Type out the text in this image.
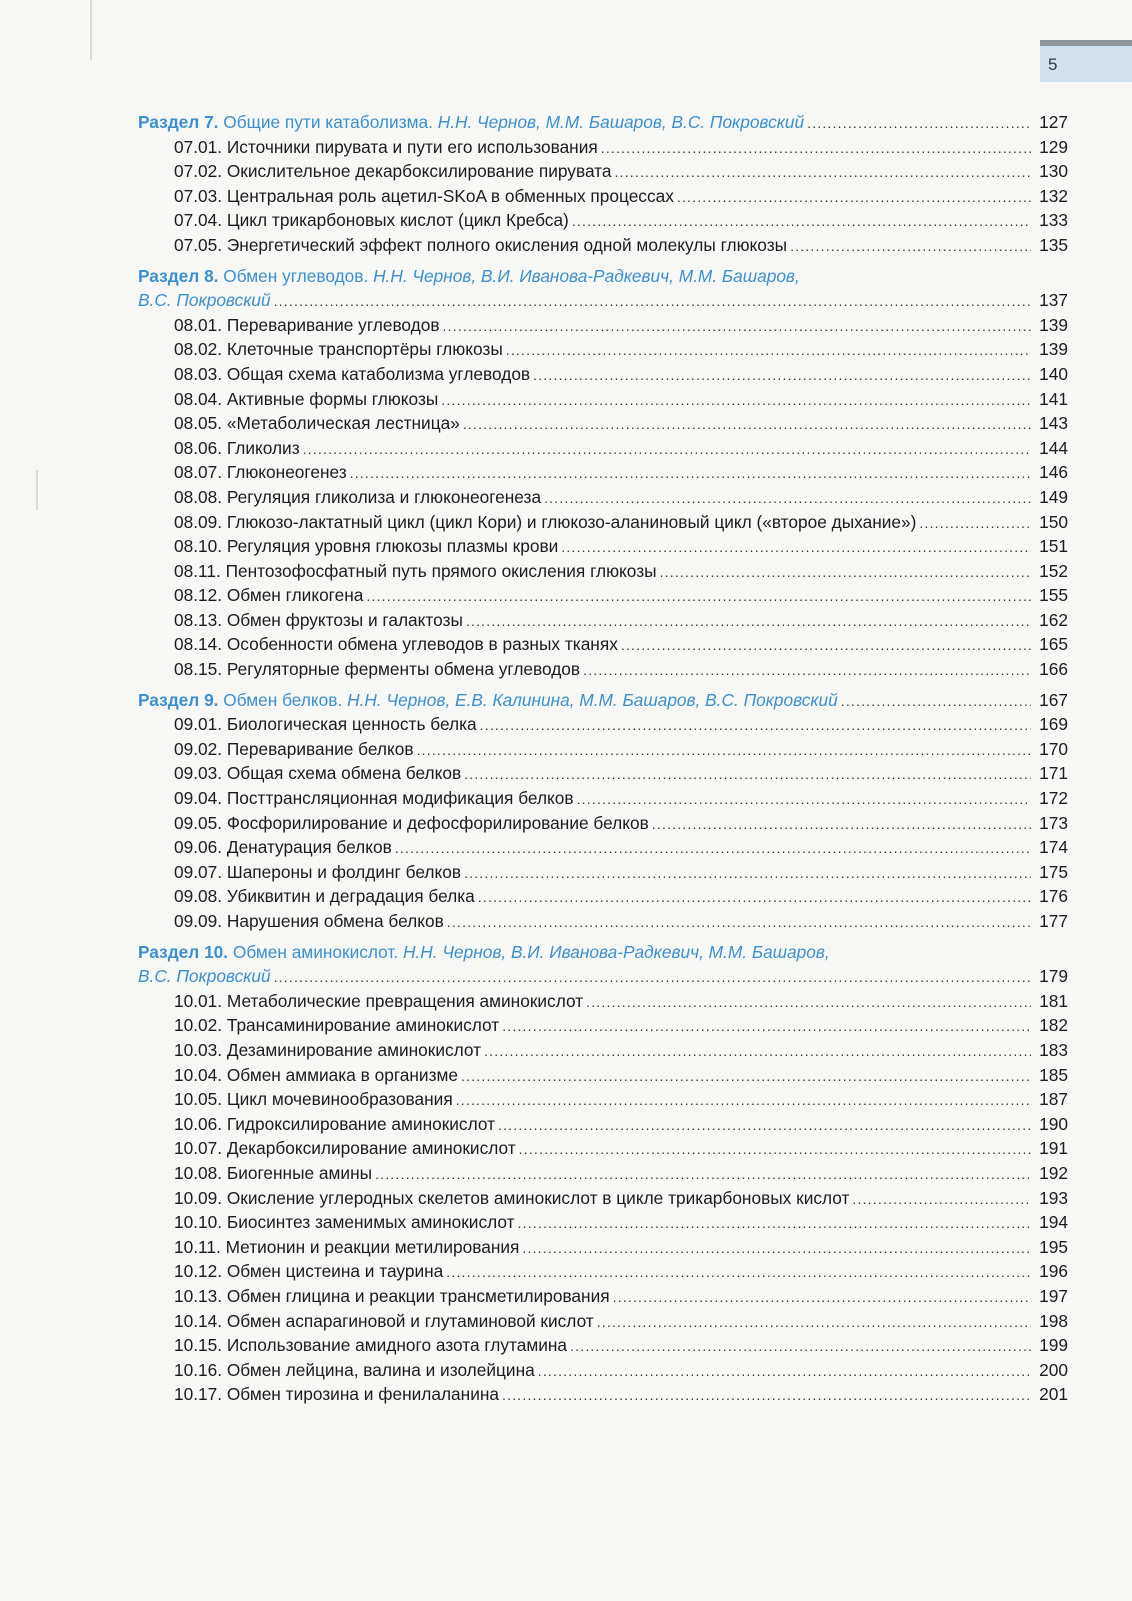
5
Раздел 7. Общие пути катаболизма. Н.Н. Чернов, М.М. Башаров, В.С. Покровский .....	127
07.01. Источники пирувата и пути его использования .....	129
07.02. Окислительное декарбоксилирование пирувата .....	130
07.03. Центральная роль ацетил-SKoA в обменных процессах .....	132
07.04. Цикл трикарбоновых кислот (цикл Кребса) .....	133
07.05. Энергетический эффект полного окисления одной молекулы глюкозы .....	135
Раздел 8. Обмен углеводов. Н.Н. Чернов, В.И. Иванова-Радкевич, М.М. Башаров,
В.С. Покровский .....	137
08.01. Переваривание углеводов .....	139
08.02. Клеточные транспортёры глюкозы .....	139
08.03. Общая схема катаболизма углеводов .....	140
08.04. Активные формы глюкозы .....	141
08.05. «Метаболическая лестница» .....	143
08.06. Гликолиз .....	144
08.07. Глюконеогенез .....	146
08.08. Регуляция гликолиза и глюконеогенеза .....	149
08.09. Глюкозо-лактатный цикл (цикл Кори) и глюкозо-аланиновый цикл («второе дыхание») .....	150
08.10. Регуляция уровня глюкозы плазмы крови .....	151
08.11. Пентозофосфатный путь прямого окисления глюкозы .....	152
08.12. Обмен гликогена .....	155
08.13. Обмен фруктозы и галактозы .....	162
08.14. Особенности обмена углеводов в разных тканях .....	165
08.15. Регуляторные ферменты обмена углеводов .....	166
Раздел 9. Обмен белков. Н.Н. Чернов, Е.В. Калинина, М.М. Башаров, В.С. Покровский .....	167
09.01. Биологическая ценность белка .....	169
09.02. Переваривание белков .....	170
09.03. Общая схема обмена белков .....	171
09.04. Посттрансляционная модификация белков .....	172
09.05. Фосфорилирование и дефосфорилирование белков .....	173
09.06. Денатурация белков .....	174
09.07. Шапероны и фолдинг белков .....	175
09.08. Убиквитин и деградация белка .....	176
09.09. Нарушения обмена белков .....	177
Раздел 10. Обмен аминокислот. Н.Н. Чернов, В.И. Иванова-Радкевич, М.М. Башаров,
В.С. Покровский .....	179
10.01. Метаболические превращения аминокислот .....	181
10.02. Трансаминирование аминокислот .....	182
10.03. Дезаминирование аминокислот .....	183
10.04. Обмен аммиака в организме .....	185
10.05. Цикл мочевинообразования .....	187
10.06. Гидроксилирование аминокислот .....	190
10.07. Декарбоксилирование аминокислот .....	191
10.08. Биогенные амины .....	192
10.09. Окисление углеродных скелетов аминокислот в цикле трикарбоновых кислот .....	193
10.10. Биосинтез заменимых аминокислот .....	194
10.11. Метионин и реакции метилирования .....	195
10.12. Обмен цистеина и таурина .....	196
10.13. Обмен глицина и реакции трансметилирования .....	197
10.14. Обмен аспарагиновой и глутаминовой кислот .....	198
10.15. Использование амидного азота глутамина .....	199
10.16. Обмен лейцина, валина и изолейцина .....	200
10.17. Обмен тирозина и фенилаланина .....	201
